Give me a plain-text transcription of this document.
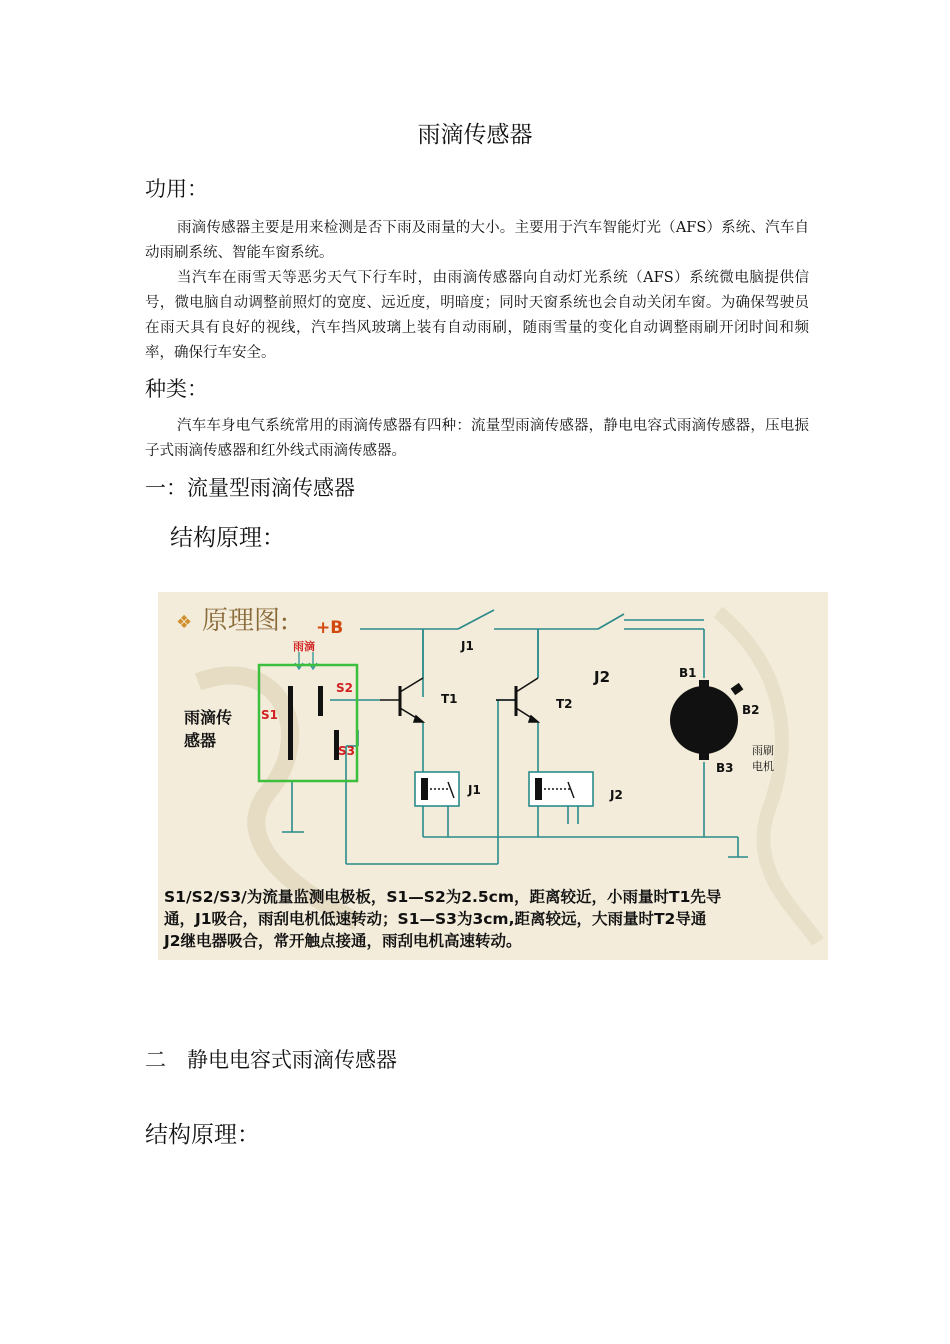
雨滴传感器
功用：

雨滴传感器主要是用来检测是否下雨及雨量的大小。主要用于汽车智能灯光（AFS）系统、汽车自动雨刷系统、智能车窗系统。

当汽车在雨雪天等恶劣天气下行车时，由雨滴传感器向自动灯光系统（AFS）系统微电脑提供信号，微电脑自动调整前照灯的宽度、远近度，明暗度；同时天窗系统也会自动关闭车窗。为确保驾驶员在雨天具有良好的视线，汽车挡风玻璃上装有自动雨刷，随雨雪量的变化自动调整雨刷开闭时间和频率，确保行车安全。

种类：

汽车车身电气系统常用的雨滴传感器有四种：流量型雨滴传感器，静电电容式雨滴传感器，压电振子式雨滴传感器和红外线式雨滴传感器。

一：流量型雨滴传感器
结构原理：
❖ 原理图: +B
雨滴
S1
S2
S3
雨滴传
感器
T1	T2
J1
J2
J1	J2
B1
B2
B3
雨刷
电机
S1/S2/S3/为流量监测电极板，S1—S2为2.5cm，距离较近，小雨量时T1先导
通，J1吸合，雨刮电机低速转动；S1—S3为3cm,距离较远，大雨量时T2导通
J2继电器吸合，常开触点接通，雨刮电机高速转动。
二　静电电容式雨滴传感器
结构原理：
